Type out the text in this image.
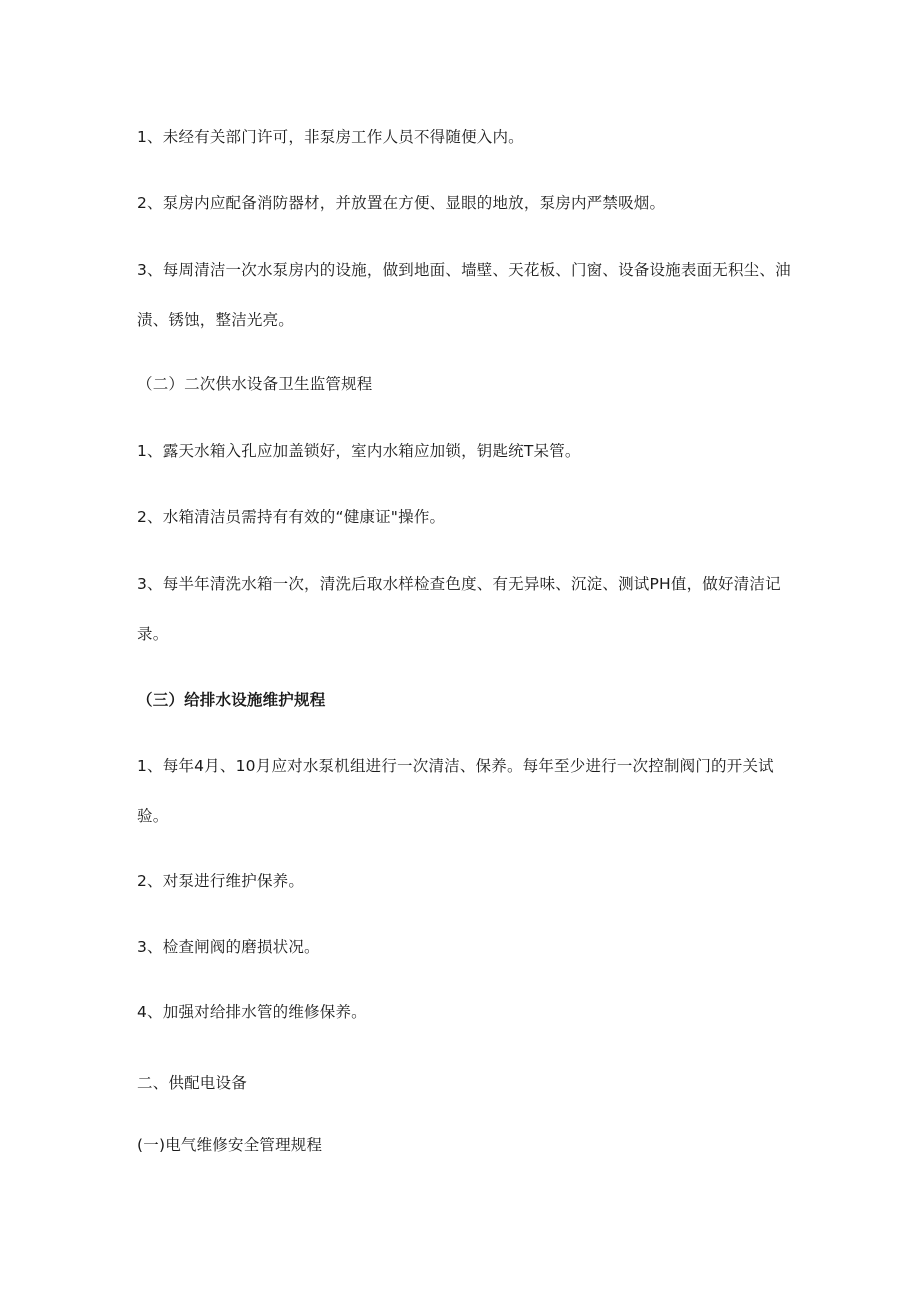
1、未经有关部门许可，非泵房工作人员不得随便入内。
2、泵房内应配备消防器材，并放置在方便、显眼的地放，泵房内严禁吸烟。
3、每周清洁一次水泵房内的设施，做到地面、墙壁、天花板、门窗、设备设施表面无积尘、油
渍、锈蚀，整洁光亮。
（二）二次供水设备卫生监管规程
1、露天水箱入孔应加盖锁好，室内水箱应加锁，钥匙统T呆管。
2、水箱清洁员需持有有效的“健康证"操作。
3、每半年清洗水箱一次，清洗后取水样检查色度、有无异味、沉淀、测试PH值，做好清洁记
录。
（三）给排水设施维护规程
1、每年4月、10月应对水泵机组进行一次清洁、保养。每年至少进行一次控制阀门的开关试
验。
2、对泵进行维护保养。
3、检查闸阀的磨损状况。
4、加强对给排水管的维修保养。
二、供配电设备
(一)电气维修安全管理规程
